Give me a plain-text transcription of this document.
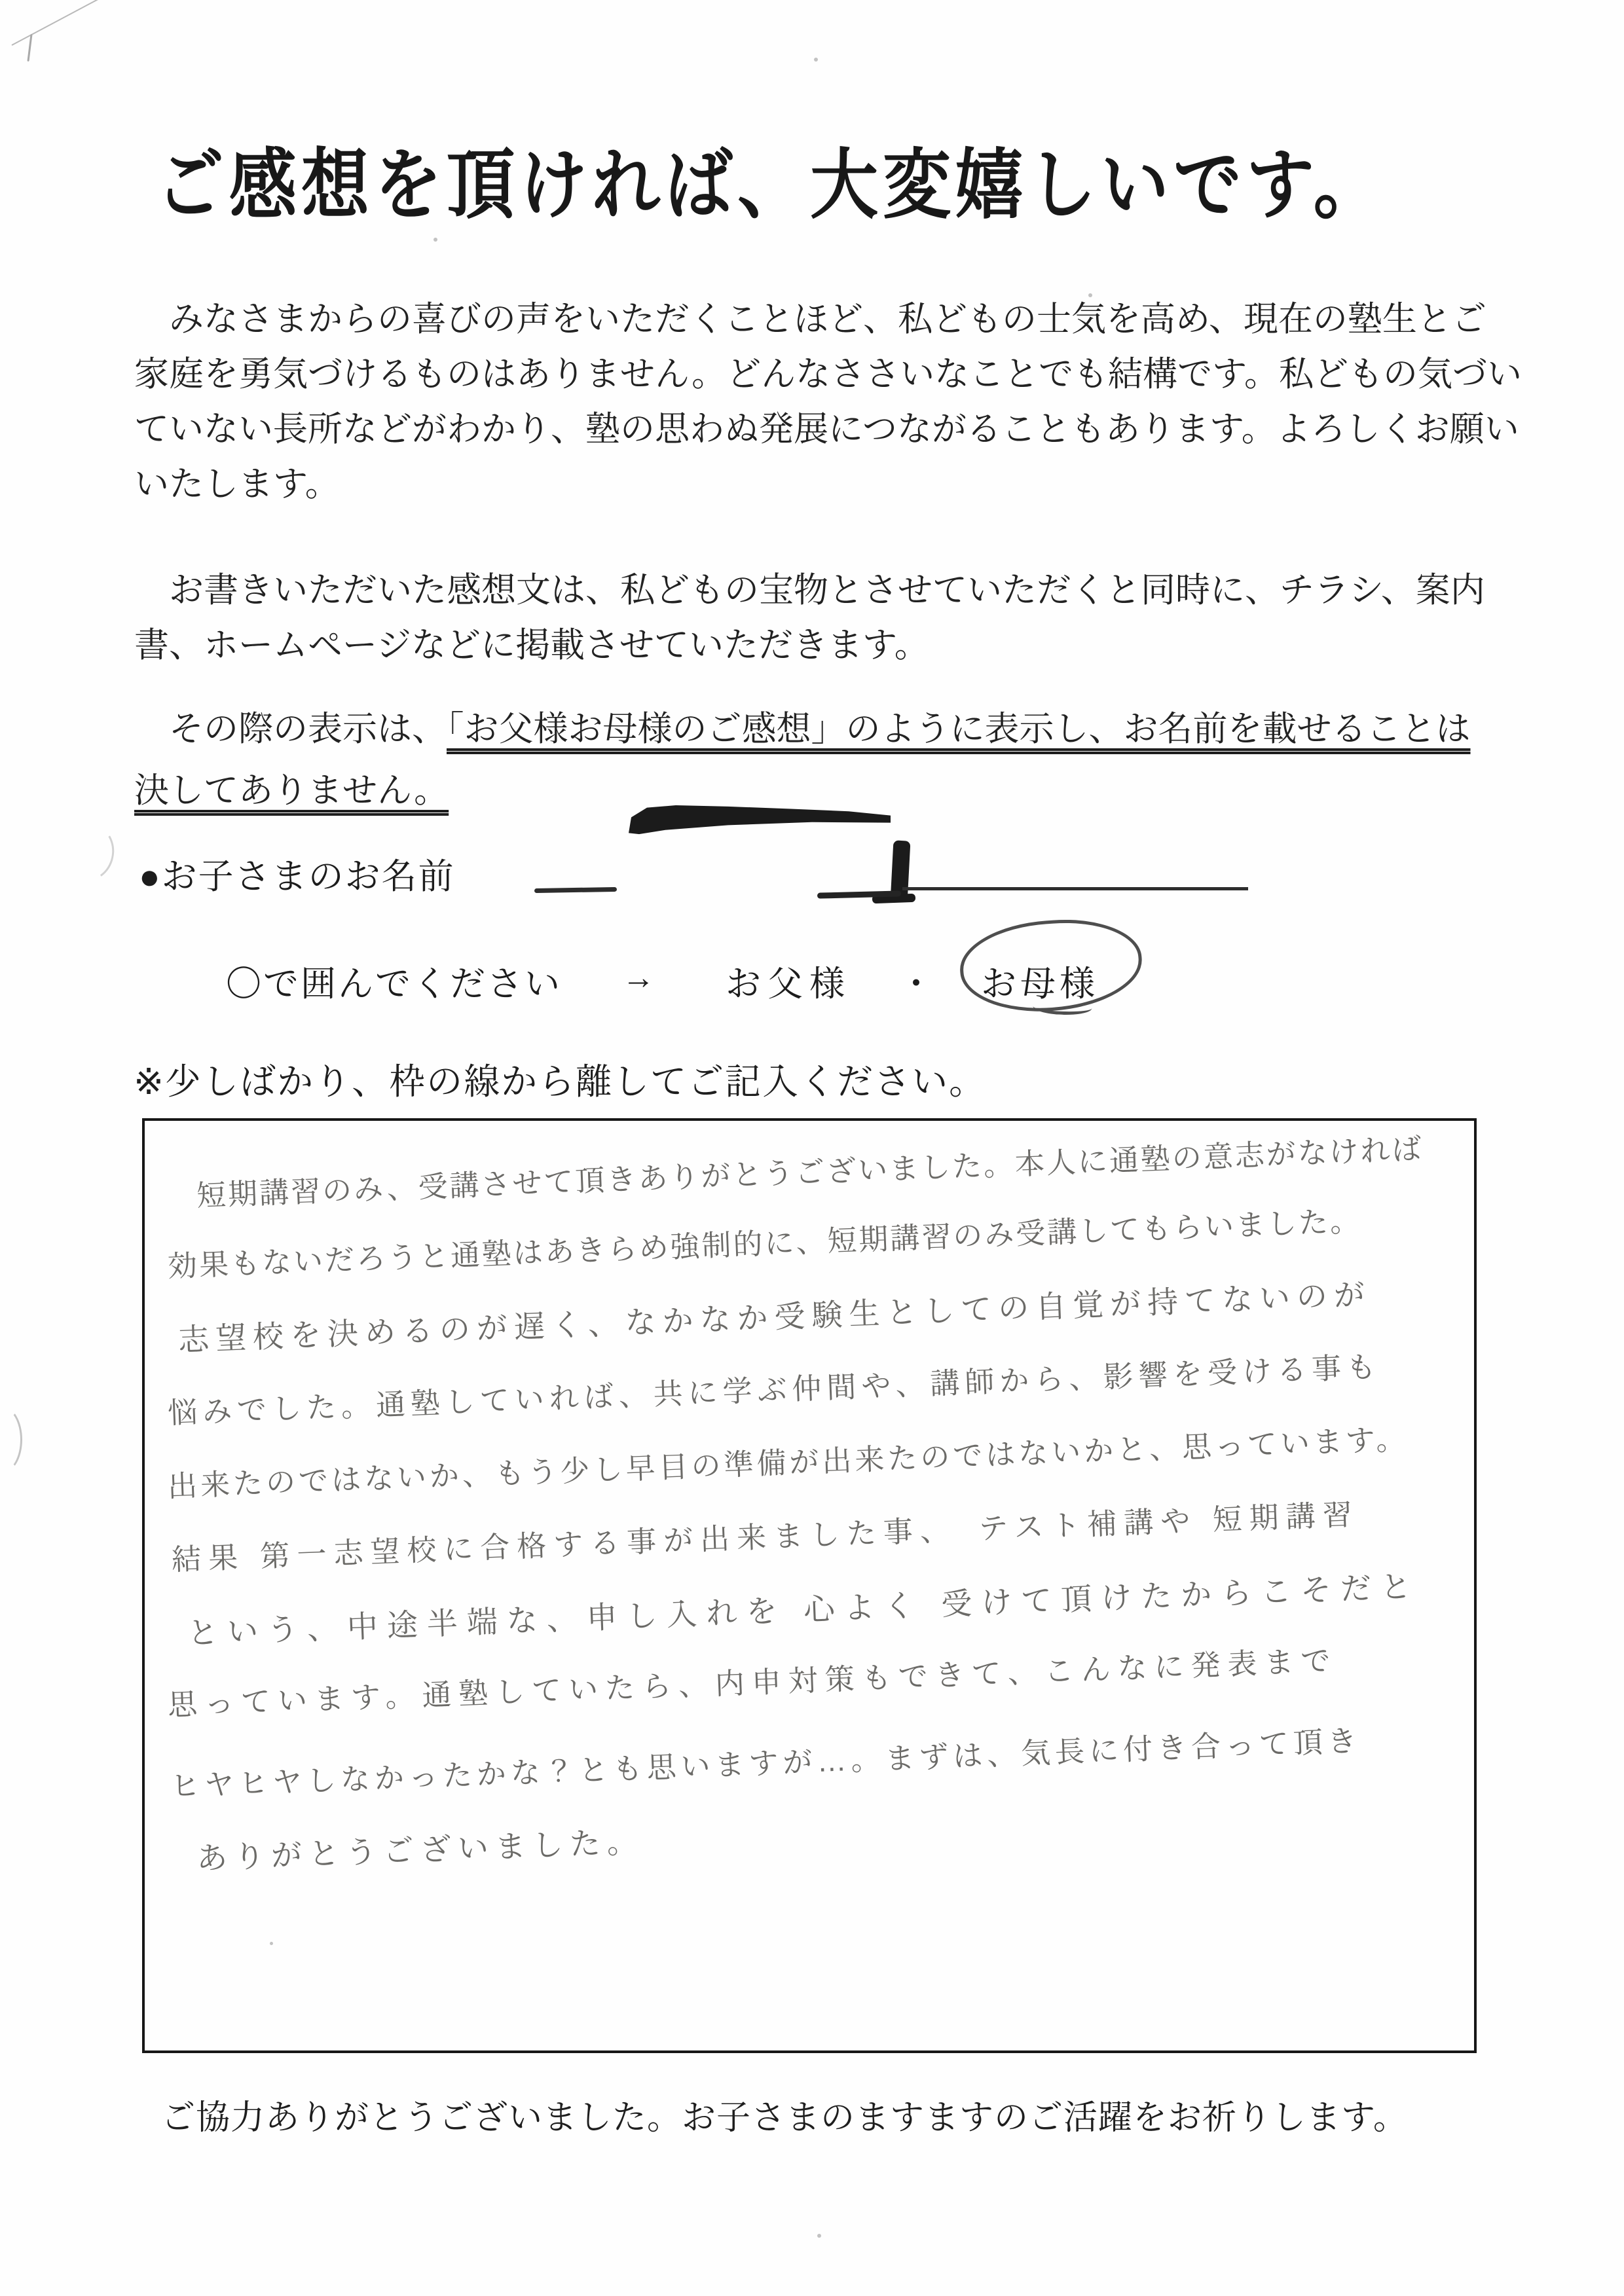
ご感想を頂ければ、大変嬉しいです。
　みなさまからの喜びの声をいただくことほど、私どもの士気を高め、現在の塾生とご
家庭を勇気づけるものはありません。どんなささいなことでも結構です。私どもの気づい
ていない長所などがわかり、塾の思わぬ発展につながることもあります。よろしくお願い
いたします。
　お書きいただいた感想文は、私どもの宝物とさせていただくと同時に、チラシ、案内
書、ホームページなどに掲載させていただきます。
　その際の表示は、「お父様お母様のご感想」のように表示し、お名前を載せることは
決してありません。
●お子さまのお名前
〇で囲んでください → お父様 ・ お母様
※少しばかり、枠の線から離してご記入ください。
短期講習のみ、受講させて頂きありがとうございました。本人に通塾の意志がなければ
効果もないだろうと通塾はあきらめ強制的に、短期講習のみ受講してもらいました。
志望校を決めるのが遅く、なかなか受験生としての自覚が持てないのが
悩みでした。通塾していれば、共に学ぶ仲間や、講師から、影響を受ける事も
出来たのではないか、もう少し早目の準備が出来たのではないかと、思っています。
結果 第一志望校に合格する事が出来ました事、　テスト補講や 短期講習
という、中途半端な、申し入れを 心よく 受けて頂けたからこそだと
思っています。通塾していたら、内申対策もできて、こんなに発表まで
ヒヤヒヤしなかったかな？とも思いますが…。まずは、気長に付き合って頂き
ありがとうございました。
ご協力ありがとうございました。お子さまのますますのご活躍をお祈りします。
